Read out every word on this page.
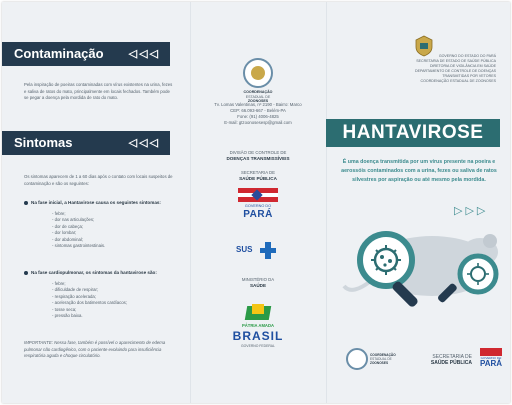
Contaminação ◁◁◁
Pela inspiração de poeiras contaminadas com vírus existentes na urina, fezes e saliva de ratos do mato, principalmente em locais fechados. Também pode se pegar a doença pela mordida de rato do mato.
Sintomas	◁◁◁
Os sintomas aparecem de 1 a 60 dias após o contato com locais suspeitos de contaminação e são os seguintes:
Na fase inicial, a Hantavirose causa os seguintes sintomas:
- febre;
- dor nas articulações;
- dor de cabeça;
- dor lombar;
- dor abdominal;
- sintomas gastrointestinais.
Na fase cardiopulmonar, os sintomas da hantavirose são:
- febre;
- dificuldade de respirar;
- respiração acelerada;
- aceleração dos batimentos cardíacos;
- tosse seca;
- pressão baixa.
IMPORTANTE: Nessa fase, também é possível o aparecimento de edema pulmonar não cardiogênico, com o paciente evoluindo para insuficiência respiratória aguda e choque circulatório.
COORDENAÇÃO
ESTADUAL DE
ZOONOSES
Tv. Lomas Valentinas, nº 2190 - Bairro: Marco
CEP: 66.093-667 - Belém-PA
Fone: (91) 4006-4825
E-mail: gtzoonosesesp@gmail.com
DIVISÃO DE CONTROLE DE
DOENÇAS TRANSMISSÍVEIS
SECRETARIA DE
SAÚDE PÚBLICA
GOVERNO DO
PARÁ
SUS
MINISTÉRIO DA
SAÚDE
PÁTRIA AMADA
BRASIL
GOVERNO FEDERAL
GOVERNO DO ESTADO DO PARÁ
SECRETARIA DE ESTADO DE SAÚDE PÚBLICA
DIRETORIA DE VIGILÂNCIA EM SAÚDE
DEPARTAMENTO DE CONTROLE DE DOENÇAS
TRANSMITIDAS POR VETORES
COORDENAÇÃO ESTADUAL DE ZOONOSES
HANTAVIROSE
É uma doença transmitida por um vírus presente na poeira e aerossóis contaminados com a urina, fezes ou saliva de ratos silvestres por aspiração ou até mesmo pela mordida.
▷▷▷
COORDENAÇÃO
ESTADUAL DE
ZOONOSES
SECRETARIA DE
SAÚDE PÚBLICA
GOVERNO DO
PARÁ
